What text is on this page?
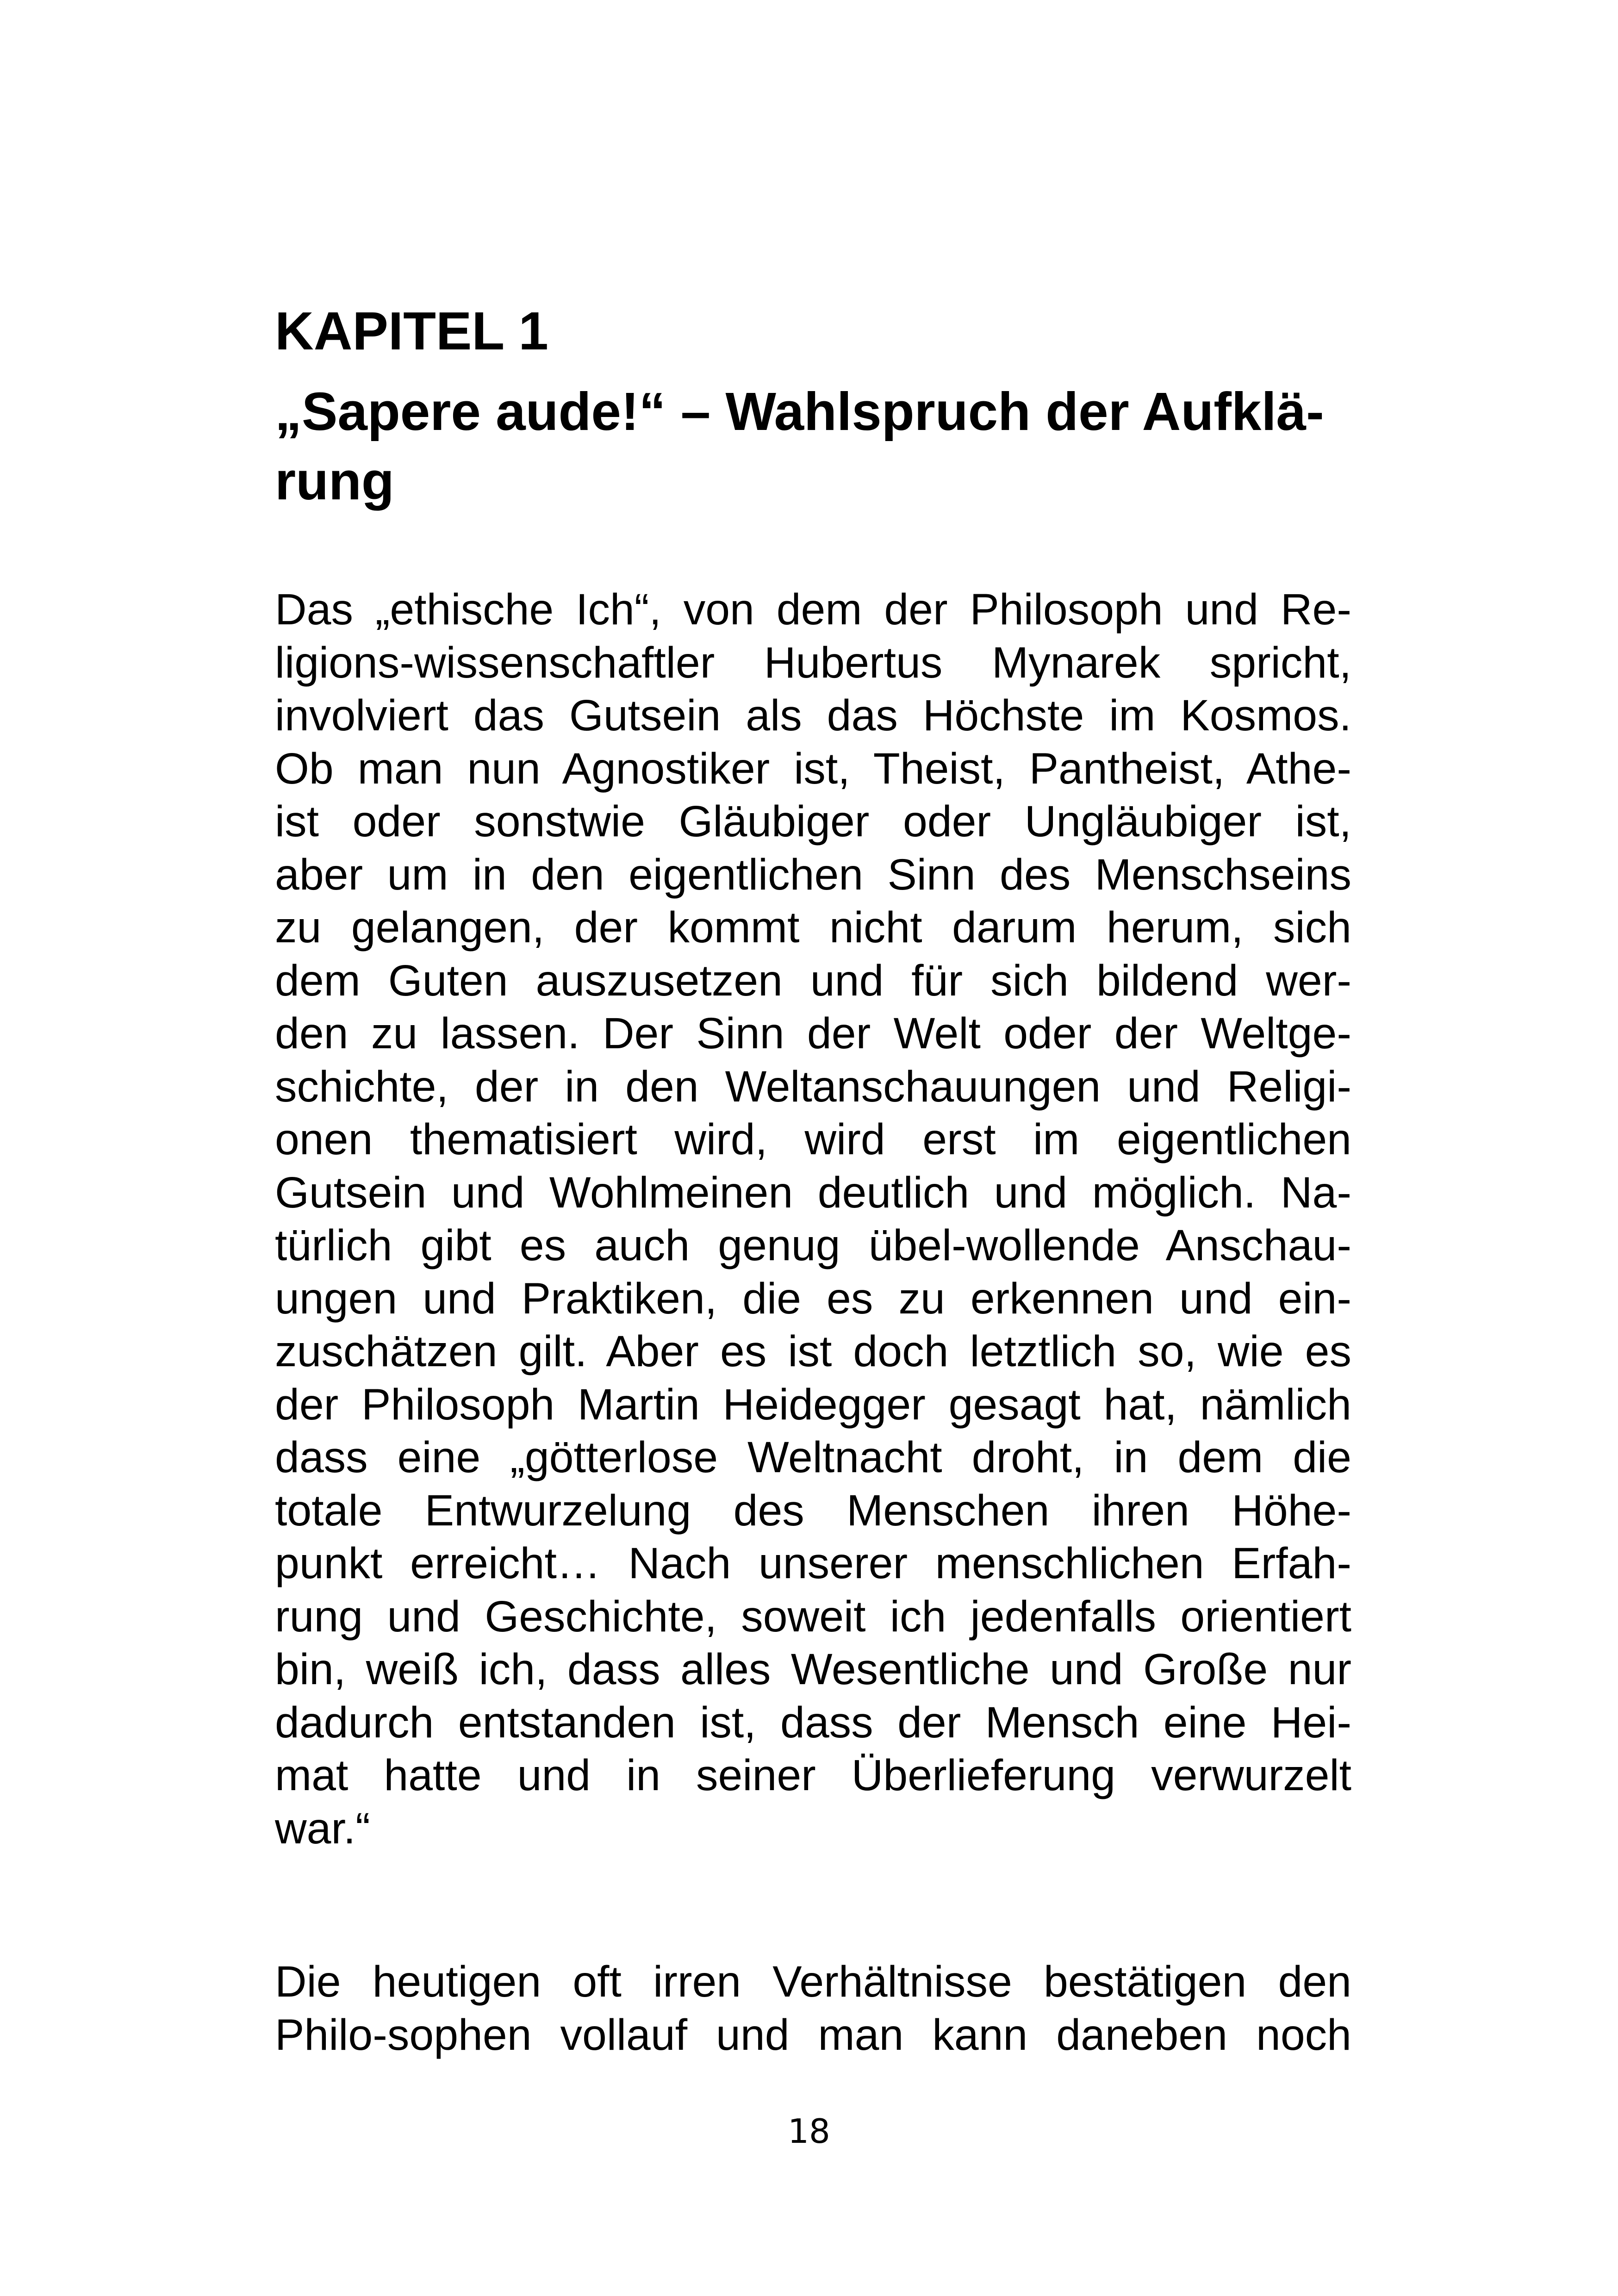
KAPITEL 1
„Sapere aude!“ – Wahlspruch der Aufklä-
rung
Das „ethische Ich“, von dem der Philosoph und Re-
ligions-wissenschaftler Hubertus Mynarek spricht,
involviert das Gutsein als das Höchste im Kosmos.
Ob man nun Agnostiker ist, Theist, Pantheist, Athe-
ist oder sonstwie Gläubiger oder Ungläubiger ist,
aber um in den eigentlichen Sinn des Menschseins
zu gelangen, der kommt nicht darum herum, sich
dem Guten auszusetzen und für sich bildend wer-
den zu lassen. Der Sinn der Welt oder der Weltge-
schichte, der in den Weltanschauungen und Religi-
onen thematisiert wird, wird erst im eigentlichen
Gutsein und Wohlmeinen deutlich und möglich. Na-
türlich gibt es auch genug übel-wollende Anschau-
ungen und Praktiken, die es zu erkennen und ein-
zuschätzen gilt. Aber es ist doch letztlich so, wie es
der Philosoph Martin Heidegger gesagt hat, nämlich
dass eine „götterlose Weltnacht droht, in dem die
totale Entwurzelung des Menschen ihren Höhe-
punkt erreicht… Nach unserer menschlichen Erfah-
rung und Geschichte, soweit ich jedenfalls orientiert
bin, weiß ich, dass alles Wesentliche und Große nur
dadurch entstanden ist, dass der Mensch eine Hei-
mat hatte und in seiner Überlieferung verwurzelt
war.“
Die heutigen oft irren Verhältnisse bestätigen den
Philo-sophen vollauf und man kann daneben noch
18
